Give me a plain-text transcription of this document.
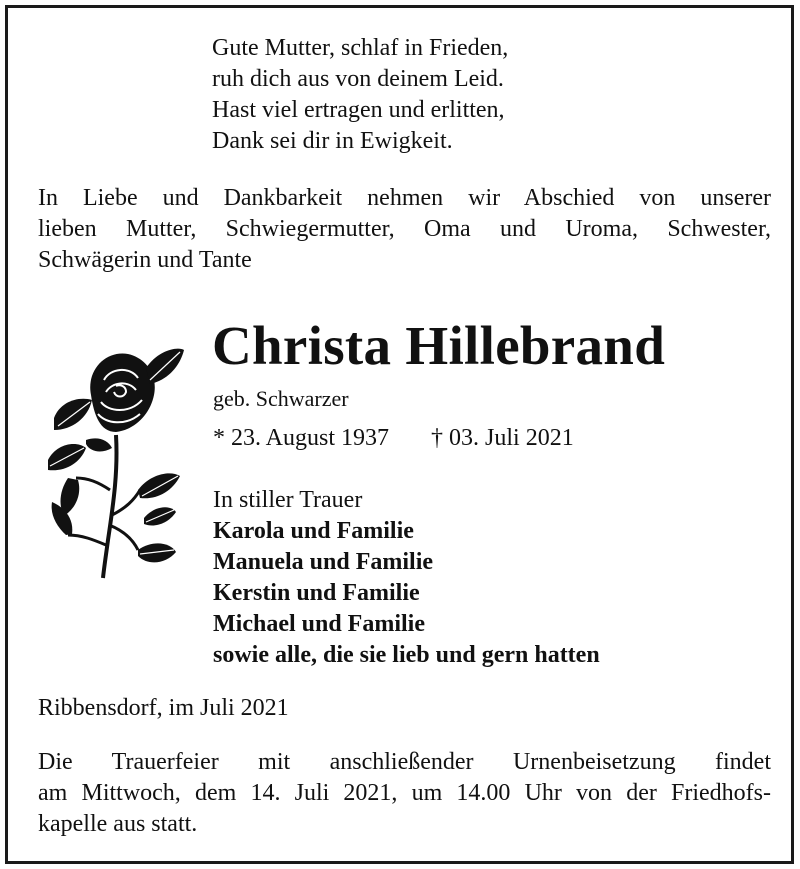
Gute Mutter, schlaf in Frieden,
ruh dich aus von deinem Leid.
Hast viel ertragen und erlitten,
Dank sei dir in Ewigkeit.
In Liebe und Dankbarkeit nehmen wir Abschied von unserer
lieben Mutter, Schwiegermutter, Oma und Uroma, Schwester,
Schwägerin und Tante
Christa Hillebrand
geb. Schwarzer
* 23. August 1937 † 03. Juli 2021
In stiller Trauer
Karola und Familie
Manuela und Familie
Kerstin und Familie
Michael und Familie
sowie alle, die sie lieb und gern hatten
Ribbensdorf, im Juli 2021
Die Trauerfeier mit anschließender Urnenbeisetzung findet
am Mittwoch, dem 14. Juli 2021, um 14.00 Uhr von der Friedhofs-
kapelle aus statt.
